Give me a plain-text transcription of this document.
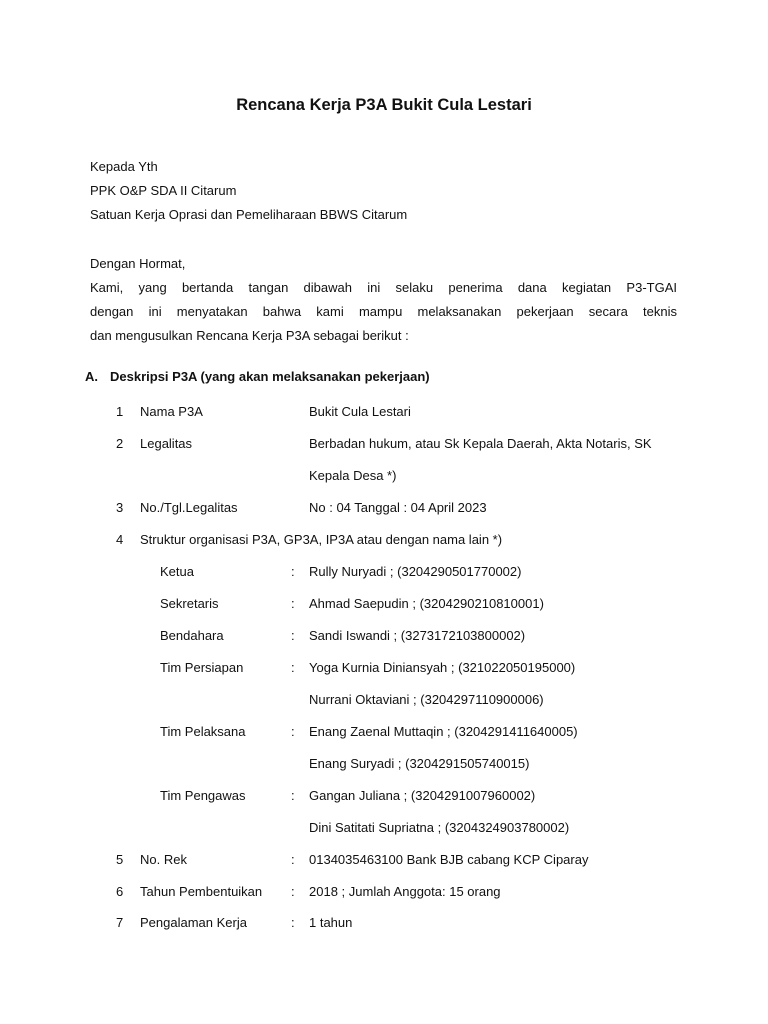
Rencana Kerja P3A Bukit Cula Lestari
Kepada Yth
PPK O&P SDA II Citarum
Satuan Kerja Oprasi dan Pemeliharaan BBWS Citarum
Dengan Hormat,
Kami, yang bertanda tangan dibawah ini selaku penerima dana kegiatan P3-TGAI
dengan ini menyatakan bahwa kami mampu melaksanakan pekerjaan secara teknis
dan mengusulkan Rencana Kerja P3A sebagai berikut :
A. Deskripsi P3A (yang akan melaksanakan pekerjaan)
1 Nama P3A	Bukit Cula Lestari
2 Legalitas	Berbadan hukum, atau Sk Kepala Daerah, Akta Notaris, SK
Kepala Desa *)
3 No./Tgl.Legalitas	No : 04 Tanggal : 04 April 2023
4 Struktur organisasi P3A, GP3A, IP3A atau dengan nama lain *)
Ketua	: Rully Nuryadi ; (3204290501770002)
Sekretaris	: Ahmad Saepudin ; (3204290210810001)
Bendahara	: Sandi Iswandi ; (3273172103800002)
Tim Persiapan	: Yoga Kurnia Diniansyah ; (321022050195000)
Nurrani Oktaviani ; (3204297110900006)
Tim Pelaksana	: Enang Zaenal Muttaqin ; (3204291411640005)
Enang Suryadi ; (3204291505740015)
Tim Pengawas	: Gangan Juliana ; (3204291007960002)
Dini Satitati Supriatna ; (3204324903780002)
5 No. Rek	: 0134035463100 Bank BJB cabang KCP Ciparay
6 Tahun Pembentuikan : 2018 ; Jumlah Anggota: 15 orang
7 Pengalaman Kerja	: 1 tahun
